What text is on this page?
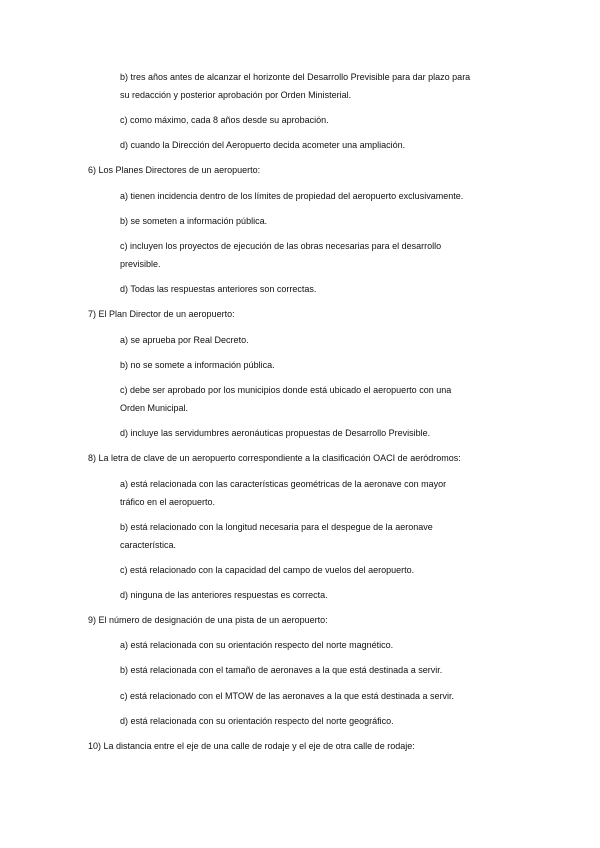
b) tres años antes de alcanzar el horizonte del Desarrollo Previsible para dar plazo para
su redacción y posterior aprobación por Orden Ministerial.
c) como máximo, cada 8 años desde su aprobación.
d) cuando la Dirección del Aeropuerto decida acometer una ampliación.
6) Los Planes Directores de un aeropuerto:
a) tienen incidencia dentro de los límites de propiedad del aeropuerto exclusivamente.
b) se someten a información pública.
c) incluyen los proyectos de ejecución de las obras necesarias para el desarrollo
previsible.
d) Todas las respuestas anteriores son correctas.
7) El Plan Director de un aeropuerto:
a) se aprueba por Real Decreto.
b) no se somete a información pública.
c) debe ser aprobado por los municipios donde está ubicado el aeropuerto con una
Orden Municipal.
d) incluye las servidumbres aeronáuticas propuestas de Desarrollo Previsible.
8) La letra de clave de un aeropuerto correspondiente a la clasificación OACI de aeródromos:
a) está relacionada con las características geométricas de la aeronave con mayor
tráfico en el aeropuerto.
b) está relacionado con la longitud necesaria para el despegue de la aeronave
característica.
c) está relacionado con la capacidad del campo de vuelos del aeropuerto.
d) ninguna de las anteriores respuestas es correcta.
9) El número de designación de una pista de un aeropuerto:
a) está relacionada con su orientación respecto del norte magnético.
b) está relacionada con el tamaño de aeronaves a la que está destinada a servir.
c) está relacionado con el MTOW de las aeronaves a la que está destinada a servir.
d) está relacionada con su orientación respecto del norte geográfico.
10) La distancia entre el eje de una calle de rodaje y el eje de otra calle de rodaje:
